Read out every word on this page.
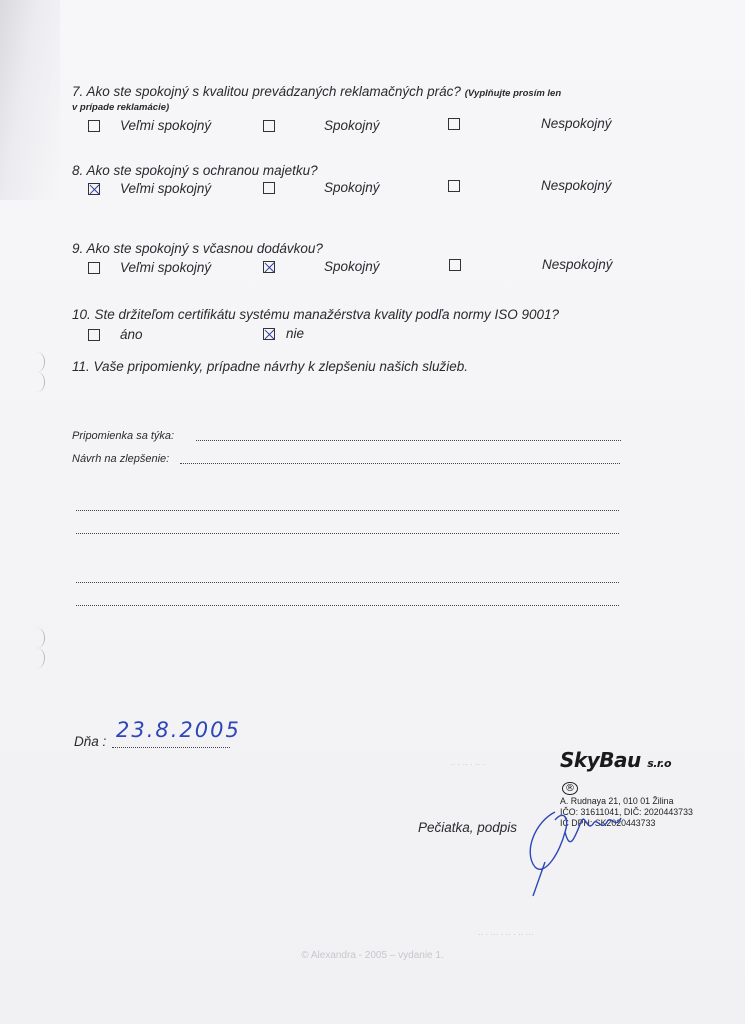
7. Ako ste spokojný s kvalitou prevádzaných reklamačných prác? (Vyplňujte prosím len
v prípade reklamácie)
Veľmi spokojný	Spokojný	Nespokojný
8. Ako ste spokojný s ochranou majetku?
Veľmi spokojný	Spokojný	Nespokojný
9. Ako ste spokojný s včasnou dodávkou?
Veľmi spokojný	Spokojný	Nespokojný
10. Ste držiteľom certifikátu systému manažérstva kvality podľa normy ISO 9001?
áno	nie
11. Vaše pripomienky, prípadne návrhy k zlepšeniu našich služieb.
Pripomienka sa týka:
Návrh na zlepšenie:
Dňa : 23.8.2005
SkyBau s.r.o ®
A. Rudnaya 21, 010 01 Žilina
IČO: 31611041, DIČ: 2020443733
IČ DPH: SK2020443733
Pečiatka, podpis
·· · ·· · ·· ·
·· · ··· · ·· · ·· ···
© Alexandra - 2005 – vydanie 1.
